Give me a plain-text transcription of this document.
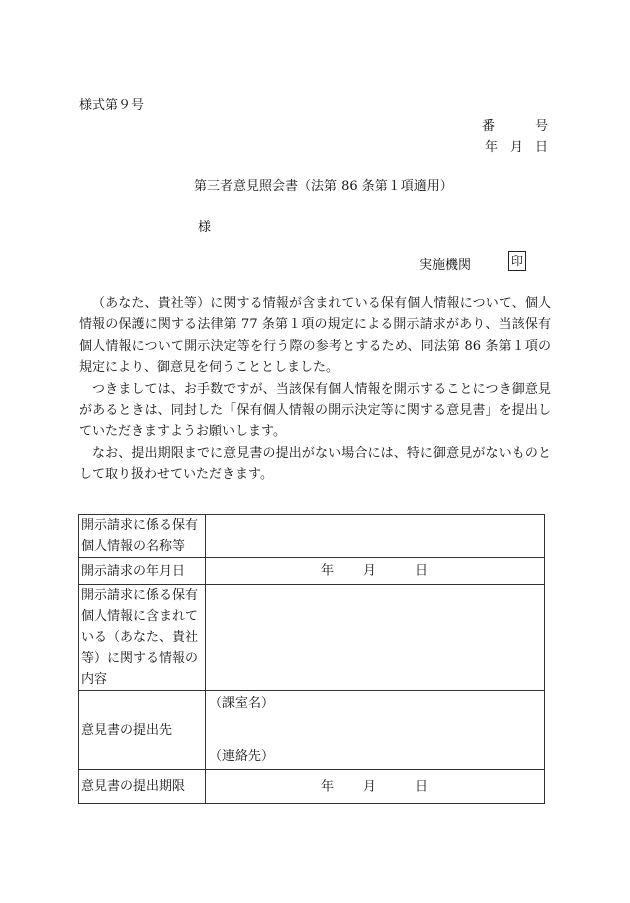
様式第９号
番	号
年 月 日
第三者意見照会書（法第 86 条第１項適用）
様
実施機関	印

（あなた、貴社等）に関する情報が含まれている保有個人情報について、個人情報の保護に関する法律第 77 条第１項の規定による開示請求があり、当該保有個人情報について開示決定等を行う際の参考とするため、同法第 86 条第１項の規定により、御意見を伺うこととしました。

つきましては、お手数ですが、当該保有個人情報を開示することにつき御意見があるときは、同封した「保有個人情報の開示決定等に関する意見書」を提出していただきますようお願いします。

なお、提出期限までに意見書の提出がない場合には、特に御意見がないものとして取り扱わせていただきます。

開示請求に係る保有個人情報の名称等	
開示請求の年月日	年 月 日

開示請求に係る保有個人情報に含まれている（あなた、貴社等）に関する情報の内容	
意見書の提出先	（課室名）
（連絡先）

意見書の提出期限	年 月 日
